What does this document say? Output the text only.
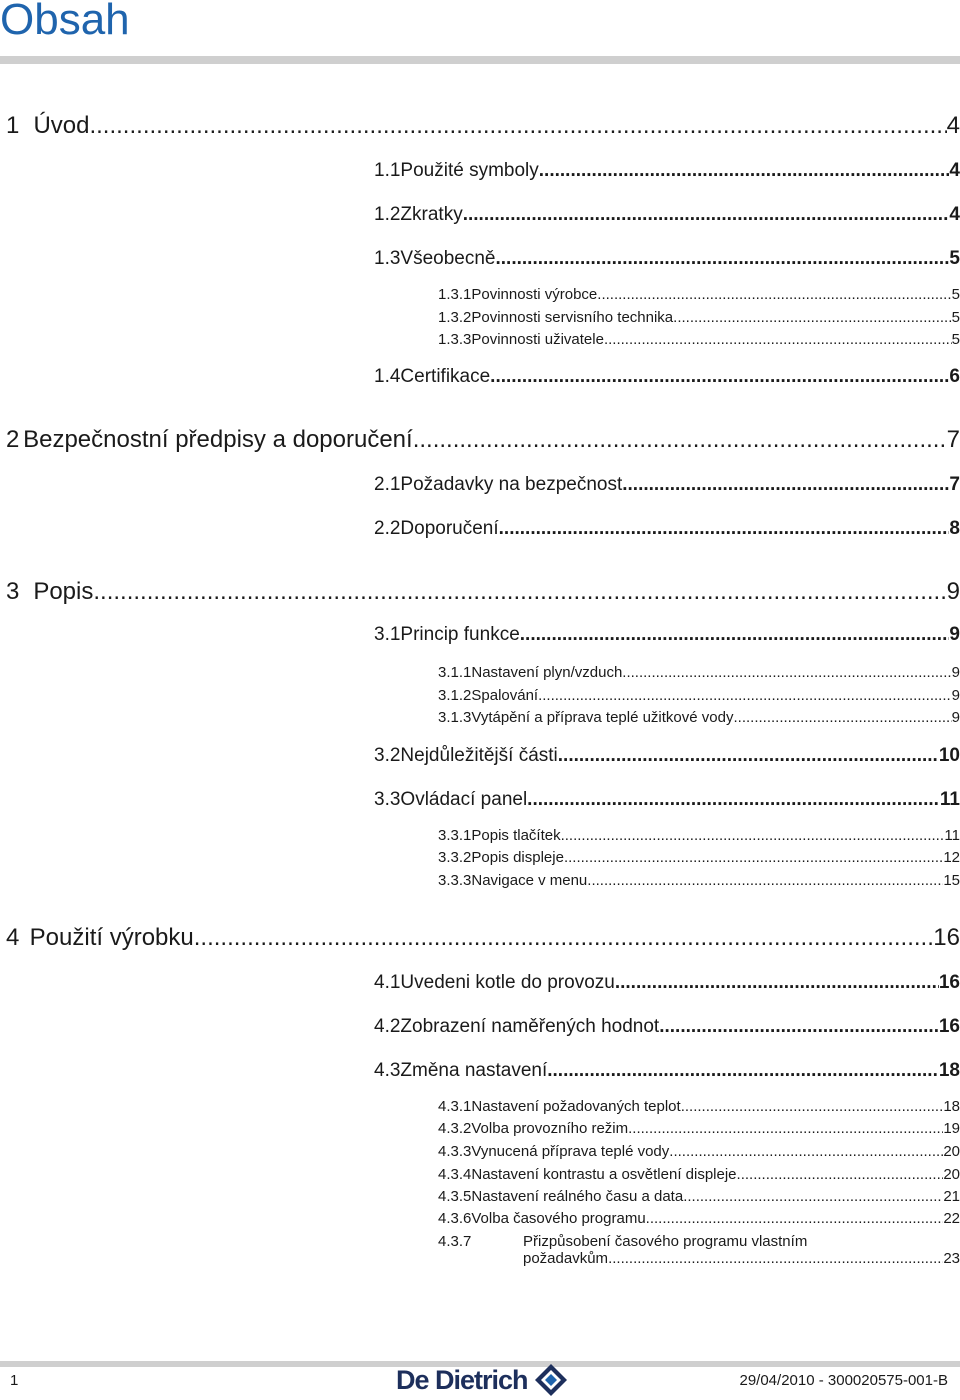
Obsah
1 Úvod .....	4
1.1 Použité symboly .....	4
1.2 Zkratky .....	4
1.3 Všeobecně .....	5
1.3.1 Povinnosti výrobce .....	5
1.3.2 Povinnosti servisního technika .....	5
1.3.3 Povinnosti uživatele .....	5
1.4 Certifikace .....	6
2 Bezpečnostní předpisy a doporučení .....	7
2.1 Požadavky na bezpečnost .....	7
2.2 Doporučení .....	8
3 Popis .....	9
3.1 Princip funkce .....	9
3.1.1 Nastavení plyn/vzduch .....	9
3.1.2 Spalování .....	9
3.1.3 Vytápění a příprava teplé užitkové vody .....	9
3.2 Nejdůležitější části .....	10
3.3 Ovládací panel .....	11
3.3.1 Popis tlačítek .....	11
3.3.2 Popis displeje .....	12
3.3.3 Navigace v menu .....	15
4 Použití výrobku .....	16
4.1 Uvedeni kotle do provozu .....	16
4.2 Zobrazení naměřených hodnot .....	16
4.3 Změna nastavení .....	18
4.3.1 Nastavení požadovaných teplot .....	18
4.3.2 Volba provozního režim .....	19
4.3.3 Vynucená příprava teplé vody .....	20
4.3.4 Nastavení kontrastu a osvětlení displeje .....	20
4.3.5 Nastavení reálného času a data .....	21
4.3.6 Volba časového programu .....	22
4.3.7	Přizpůsobení časového programu vlastním
požadavkům .....	23
1	De Dietrich	29/04/2010 - 300020575-001-B
